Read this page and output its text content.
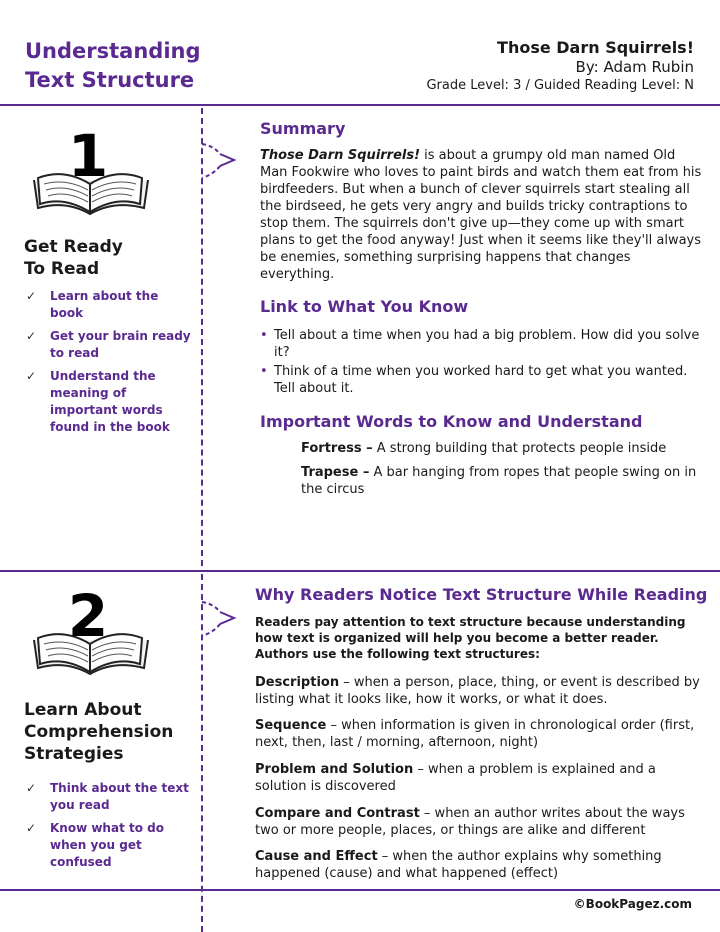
Understanding
Text Structure
Those Darn Squirrels!
By: Adam Rubin
Grade Level: 3 / Guided Reading Level: N
1
Get Ready
To Read
✓ Learn about the book
✓ Get your brain ready to read
✓ Understand the meaning of important words found in the book
Summary
Those Darn Squirrels! is about a grumpy old man named Old Man Fookwire who loves to paint birds and watch them eat from his birdfeeders. But when a bunch of clever squirrels start stealing all the birdseed, he gets very angry and builds tricky contraptions to stop them. The squirrels don't give up—they come up with smart plans to get the food anyway! Just when it seems like they'll always be enemies, something surprising happens that changes everything.
Link to What You Know
• Tell about a time when you had a big problem. How did you solve it?
• Think of a time when you worked hard to get what you wanted. Tell about it.
Important Words to Know and Understand
Fortress – A strong building that protects people inside
Trapese – A bar hanging from ropes that people swing on in the circus
2
Learn About
Comprehension
Strategies
✓ Think about the text you read
✓ Know what to do when you get confused
Why Readers Notice Text Structure While Reading
Readers pay attention to text structure because understanding how text is organized will help you become a better reader. Authors use the following text structures:
Description – when a person, place, thing, or event is described by listing what it looks like, how it works, or what it does.
Sequence – when information is given in chronological order (first, next, then, last / morning, afternoon, night)
Problem and Solution – when a problem is explained and a solution is discovered
Compare and Contrast – when an author writes about the ways two or more people, places, or things are alike and different
Cause and Effect – when the author explains why something happened (cause) and what happened (effect)
©BookPagez.com
